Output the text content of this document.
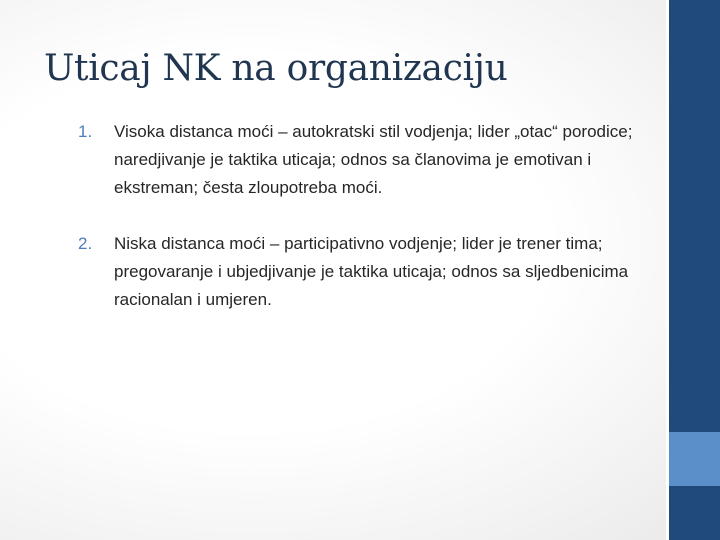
Uticaj NK na organizaciju
1. Visoka distanca moći – autokratski stil vodjenja; lider „otac“ porodice; naredjivanje je taktika uticaja; odnos sa članovima je emotivan i ekstreman; česta zloupotreba moći.
2. Niska distanca moći – participativno vodjenje; lider je trener tima; pregovaranje i ubjedjivanje je taktika uticaja; odnos sa sljedbenicima racionalan i umjeren.
